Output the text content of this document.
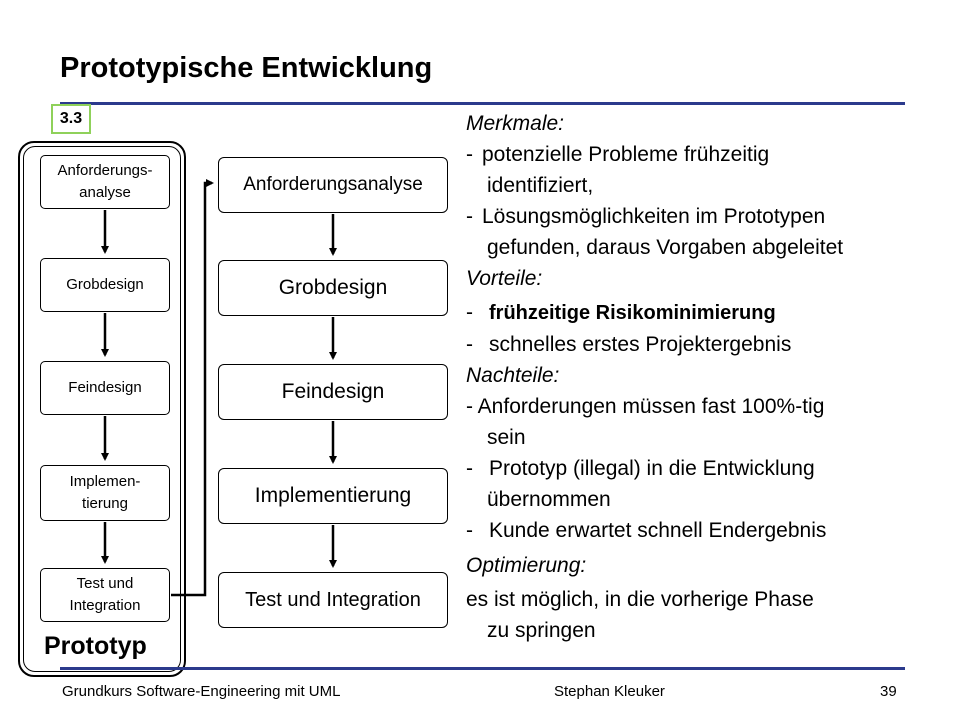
Prototypische Entwicklung
3.3
Anforderungs-
analyse
Grobdesign
Feindesign
Implemen-
tierung
Test und
Integration
Prototyp
Anforderungsanalyse
Grobdesign
Feindesign
Implementierung
Test und Integration
Merkmale:
- potenzielle Probleme frühzeitig
identifiziert,
- Lösungsmöglichkeiten im Prototypen
gefunden, daraus Vorgaben abgeleitet
Vorteile:
- frühzeitige Risikominimierung
- schnelles erstes Projektergebnis
Nachteile:
- Anforderungen müssen fast 100%-tig
sein
- Prototyp (illegal) in die Entwicklung
übernommen
- Kunde erwartet schnell Endergebnis
Optimierung:
es ist möglich, in die vorherige Phase
zu springen
Grundkurs Software-Engineering mit UML	Stephan Kleuker	39
